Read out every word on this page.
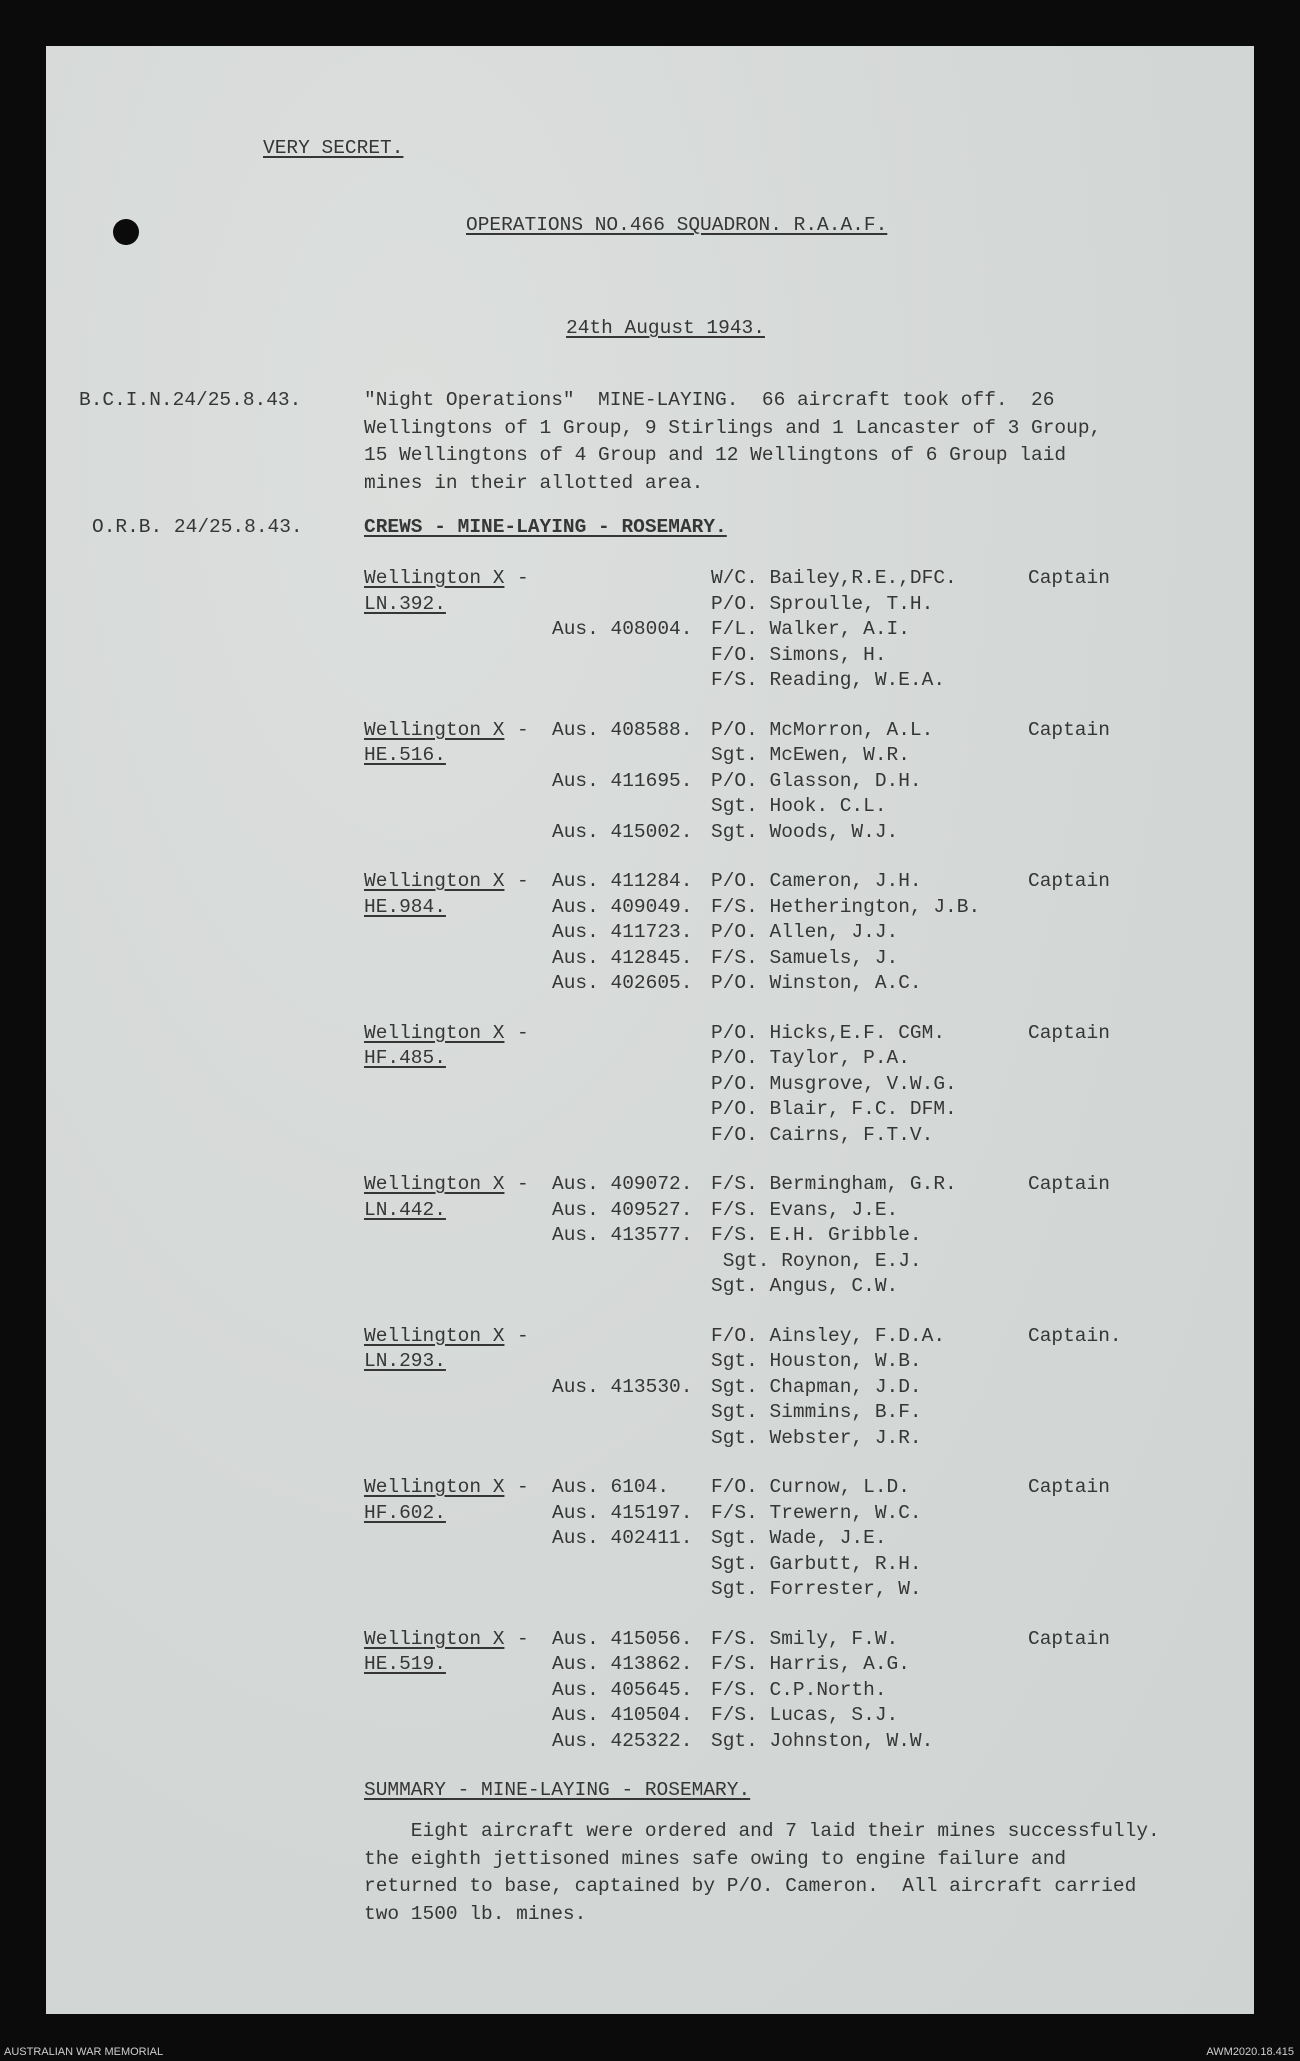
VERY SECRET.
OPERATIONS NO.466 SQUADRON. R.A.A.F.
24th August 1943.
B.C.I.N.24/25.8.43.	"Night Operations"  MINE-LAYING.  66 aircraft took off.  26
Wellingtons of 1 Group, 9 Stirlings and 1 Lancaster of 3 Group,
15 Wellingtons of 4 Group and 12 Wellingtons of 6 Group laid
mines in their allotted area.
O.R.B. 24/25.8.43.	CREWS - MINE-LAYING - ROSEMARY.
Wellington X -
LN.392.
W/C. Bailey,R.E.,DFC.	Captain
P/O. Sproulle, T.H.
Aus. 408004. F/L. Walker, A.I.
F/O. Simons, H.
F/S. Reading, W.E.A.
Wellington X -
HE.516.
Aus. 408588. P/O. McMorron, A.L.	Captain
Sgt. McEwen, W.R.
Aus. 411695. P/O. Glasson, D.H.
Sgt. Hook. C.L.
Aus. 415002. Sgt. Woods, W.J.
Wellington X -
HE.984.
Aus. 411284. P/O. Cameron, J.H.	Captain
Aus. 409049. F/S. Hetherington, J.B.
Aus. 411723. P/O. Allen, J.J.
Aus. 412845. F/S. Samuels, J.
Aus. 402605. P/O. Winston, A.C.
Wellington X -
HF.485.
P/O. Hicks,E.F. CGM.	Captain
P/O. Taylor, P.A.
P/O. Musgrove, V.W.G.
P/O. Blair, F.C. DFM.
F/O. Cairns, F.T.V.
Wellington X -
LN.442.
Aus. 409072. F/S. Bermingham, G.R.	Captain
Aus. 409527. F/S. Evans, J.E.
Aus. 413577. F/S. E.H. Gribble.
Sgt. Roynon, E.J.
Sgt. Angus, C.W.
Wellington X -
LN.293.
F/O. Ainsley, F.D.A.	Captain.
Sgt. Houston, W.B.
Aus. 413530. Sgt. Chapman, J.D.
Sgt. Simmins, B.F.
Sgt. Webster, J.R.
Wellington X -
HF.602.
Aus. 6104. F/O. Curnow, L.D.	Captain
Aus. 415197. F/S. Trewern, W.C.
Aus. 402411. Sgt. Wade, J.E.
Sgt. Garbutt, R.H.
Sgt. Forrester, W.
Wellington X -
HE.519.
Aus. 415056. F/S. Smily, F.W.	Captain
Aus. 413862. F/S. Harris, A.G.
Aus. 405645. F/S. C.P.North.
Aus. 410504. F/S. Lucas, S.J.
Aus. 425322. Sgt. Johnston, W.W.
SUMMARY - MINE-LAYING - ROSEMARY.
Eight aircraft were ordered and 7 laid their mines successfully.
the eighth jettisoned mines safe owing to engine failure and
returned to base, captained by P/O. Cameron.  All aircraft carried
two 1500 lb. mines.
AUSTRALIAN WAR MEMORIAL	AWM2020.18.415
